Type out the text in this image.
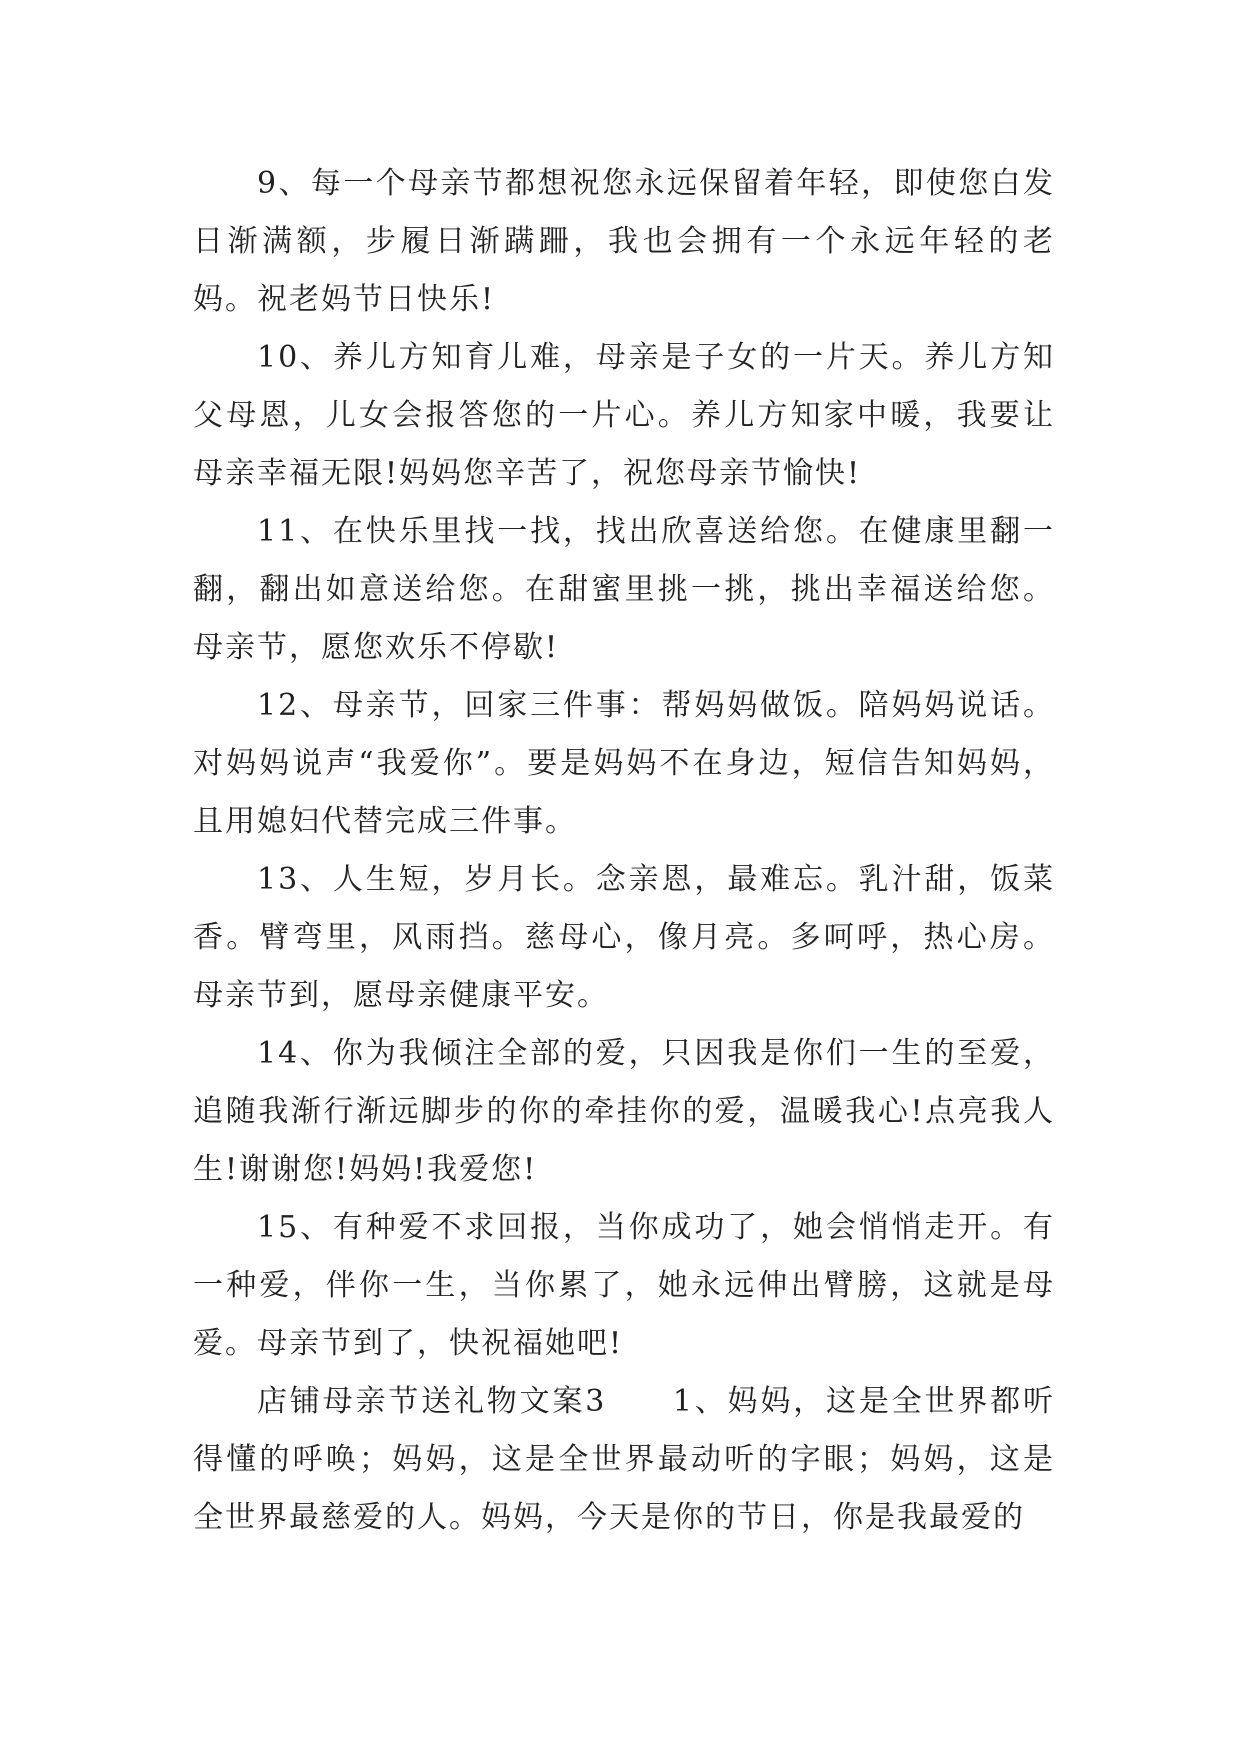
9、每一个母亲节都想祝您永远保留着年轻，即使您白发日渐满额，步履日渐蹒跚，我也会拥有一个永远年轻的老妈。祝老妈节日快乐!

10、养儿方知育儿难，母亲是子女的一片天。养儿方知父母恩，儿女会报答您的一片心。养儿方知家中暖，我要让母亲幸福无限!妈妈您辛苦了，祝您母亲节愉快!

11、在快乐里找一找，找出欣喜送给您。在健康里翻一翻，翻出如意送给您。在甜蜜里挑一挑，挑出幸福送给您。母亲节，愿您欢乐不停歇!

12、母亲节，回家三件事：帮妈妈做饭。陪妈妈说话。对妈妈说声“我爱你”。要是妈妈不在身边，短信告知妈妈，且用媳妇代替完成三件事。

13、人生短，岁月长。念亲恩，最难忘。乳汁甜，饭菜香。臂弯里，风雨挡。慈母心，像月亮。多呵呼，热心房。母亲节到，愿母亲健康平安。

14、你为我倾注全部的爱，只因我是你们一生的至爱，追随我渐行渐远脚步的你的牵挂你的爱，温暖我心!点亮我人生!谢谢您!妈妈!我爱您!

15、有种爱不求回报，当你成功了，她会悄悄走开。有一种爱，伴你一生，当你累了，她永远伸出臂膀，这就是母爱。母亲节到了，快祝福她吧!

店铺母亲节送礼物文案3　　1、妈妈，这是全世界都听得懂的呼唤；妈妈，这是全世界最动听的字眼；妈妈，这是全世界最慈爱的人。妈妈，今天是你的节日，你是我最爱的
